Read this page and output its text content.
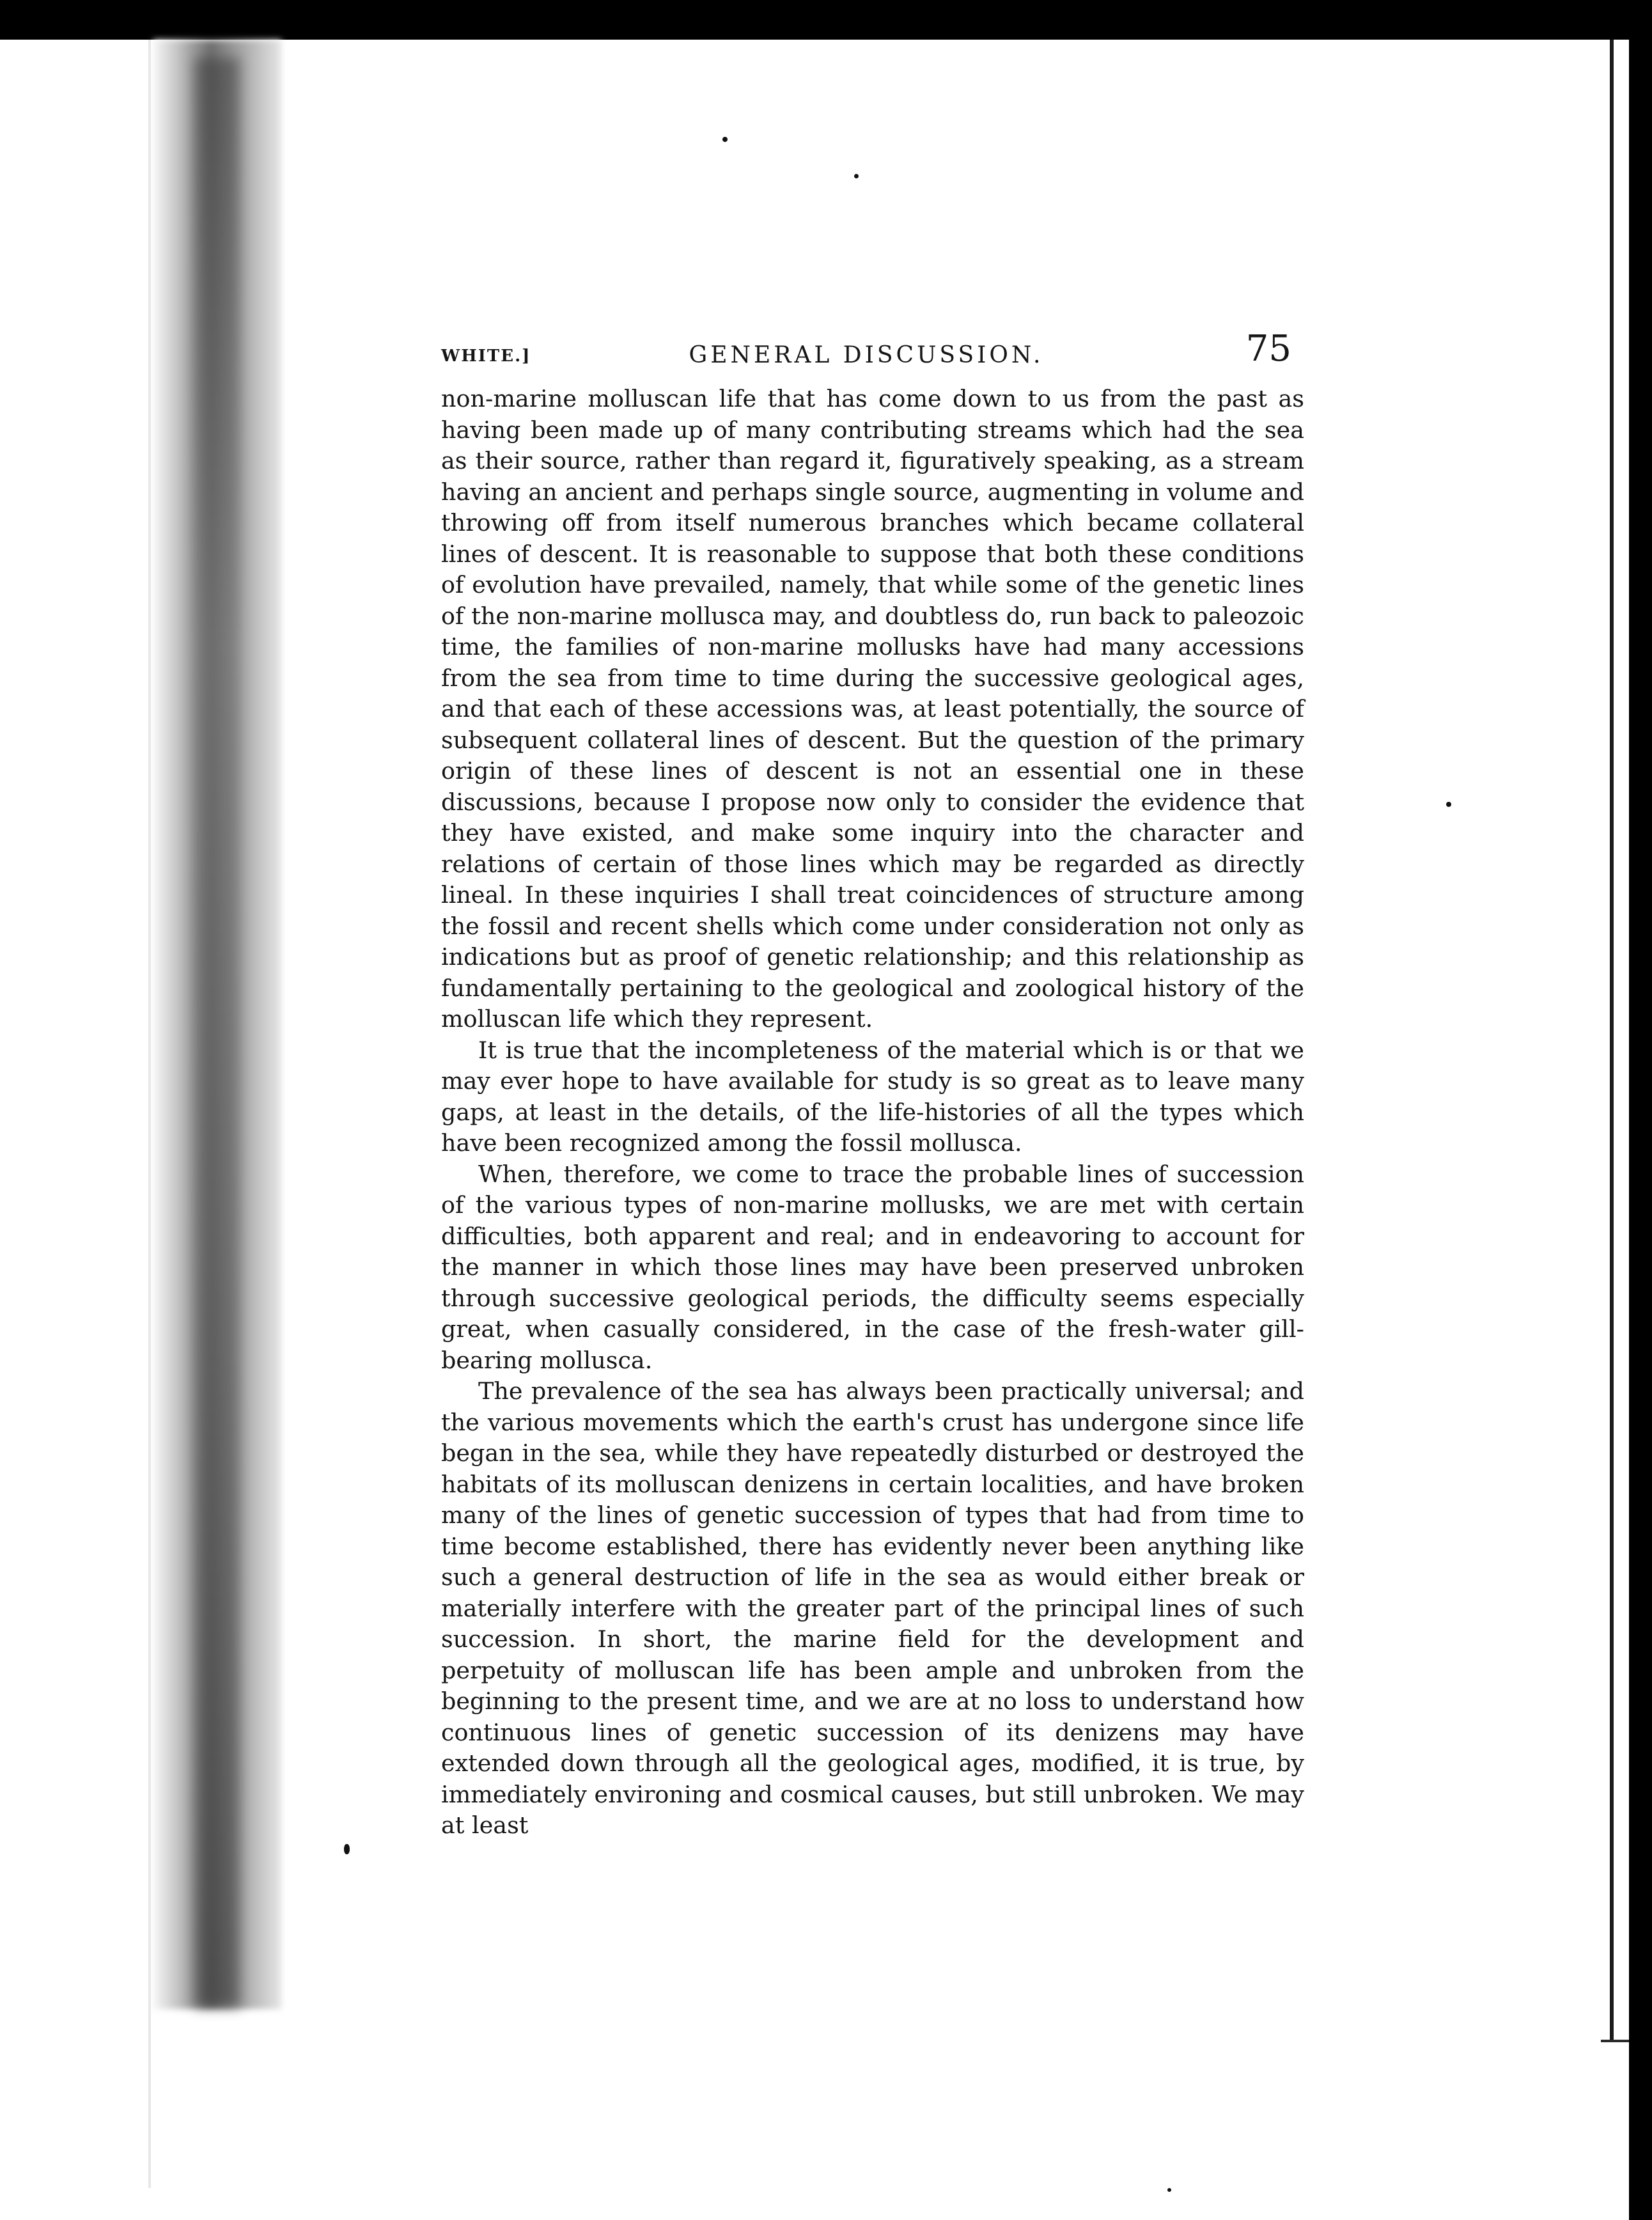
WHITE.]	GENERAL DISCUSSION.	75

non-marine molluscan life that has come down to us from the past as having been made up of many contributing streams which had the sea as their source, rather than regard it, figuratively speaking, as a stream having an ancient and perhaps single source, augmenting in volume and throwing off from itself numerous branches which became collateral lines of descent. It is reasonable to suppose that both these conditions of evolution have prevailed, namely, that while some of the genetic lines of the non-marine mollusca may, and doubtless do, run back to paleozoic time, the families of non-marine mollusks have had many accessions from the sea from time to time during the successive geological ages, and that each of these accessions was, at least potentially, the source of subsequent collateral lines of descent. But the question of the primary origin of these lines of descent is not an essential one in these discussions, because I propose now only to consider the evidence that they have existed, and make some inquiry into the character and relations of certain of those lines which may be regarded as directly lineal. In these inquiries I shall treat coincidences of structure among the fossil and recent shells which come under consideration not only as indications but as proof of genetic relationship; and this relationship as fundamentally pertaining to the geological and zoological history of the molluscan life which they represent.

It is true that the incompleteness of the material which is or that we may ever hope to have available for study is so great as to leave many gaps, at least in the details, of the life-histories of all the types which have been recognized among the fossil mollusca.

When, therefore, we come to trace the probable lines of succession of the various types of non-marine mollusks, we are met with certain difficulties, both apparent and real; and in endeavoring to account for the manner in which those lines may have been preserved unbroken through successive geological periods, the difficulty seems especially great, when casually considered, in the case of the fresh-water gill-bearing mollusca.

The prevalence of the sea has always been practically universal; and the various movements which the earth's crust has undergone since life began in the sea, while they have repeatedly disturbed or destroyed the habitats of its molluscan denizens in certain localities, and have broken many of the lines of genetic succession of types that had from time to time become established, there has evidently never been anything like such a general destruction of life in the sea as would either break or materially interfere with the greater part of the principal lines of such succession. In short, the marine field for the development and perpetuity of molluscan life has been ample and unbroken from the beginning to the present time, and we are at no loss to understand how continuous lines of genetic succession of its denizens may have extended down through all the geological ages, modified, it is true, by immediately environing and cosmical causes, but still unbroken. We may at least
